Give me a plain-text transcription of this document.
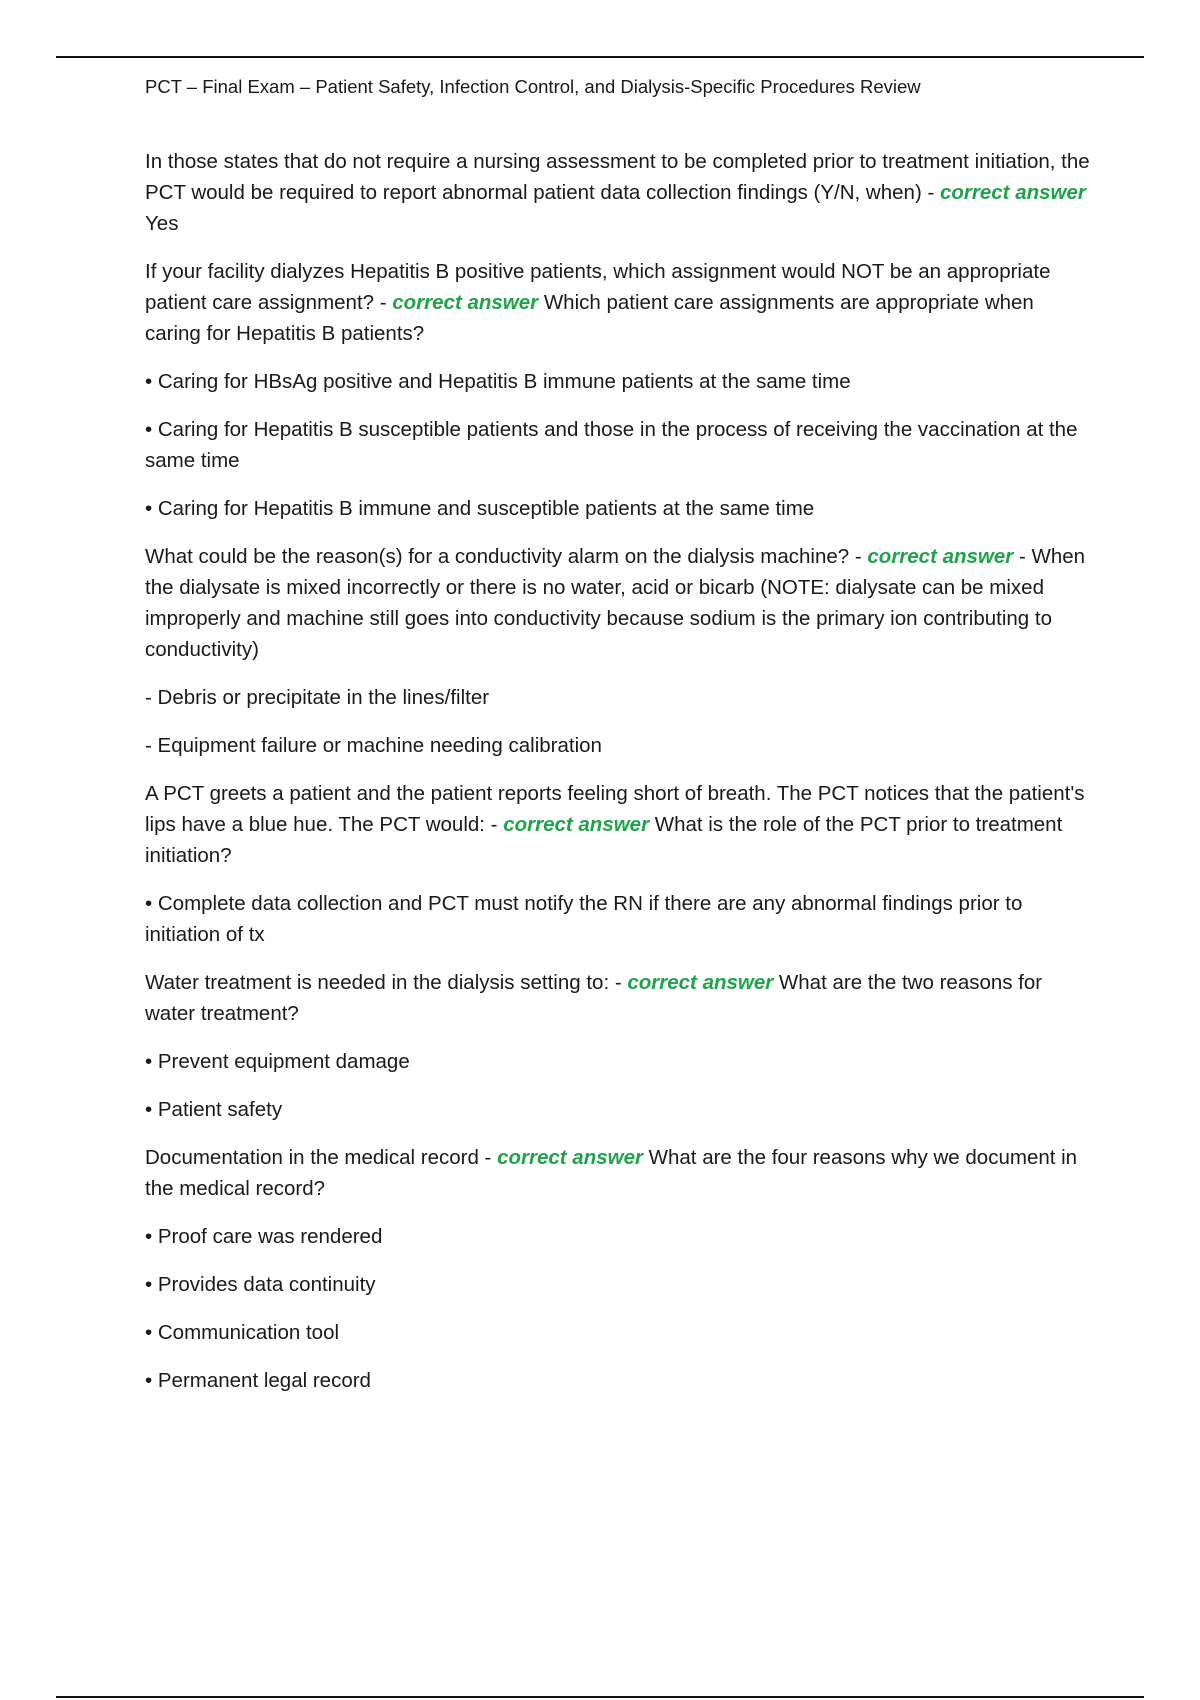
PCT – Final Exam – Patient Safety, Infection Control, and Dialysis-Specific Procedures Review

In those states that do not require a nursing assessment to be completed prior to treatment initiation, the PCT would be required to report abnormal patient data collection findings (Y/N, when) - correct answer Yes

If your facility dialyzes Hepatitis B positive patients, which assignment would NOT be an appropriate patient care assignment? - correct answer Which patient care assignments are appropriate when caring for Hepatitis B patients?

• Caring for HBsAg positive and Hepatitis B immune patients at the same time

• Caring for Hepatitis B susceptible patients and those in the process of receiving the vaccination at the same time

• Caring for Hepatitis B immune and susceptible patients at the same time

What could be the reason(s) for a conductivity alarm on the dialysis machine? - correct answer - When the dialysate is mixed incorrectly or there is no water, acid or bicarb (NOTE: dialysate can be mixed improperly and machine still goes into conductivity because sodium is the primary ion contributing to conductivity)

- Debris or precipitate in the lines/filter

- Equipment failure or machine needing calibration

A PCT greets a patient and the patient reports feeling short of breath. The PCT notices that the patient's lips have a blue hue. The PCT would: - correct answer What is the role of the PCT prior to treatment initiation?

• Complete data collection and PCT must notify the RN if there are any abnormal findings prior to initiation of tx

Water treatment is needed in the dialysis setting to: - correct answer What are the two reasons for water treatment?

• Prevent equipment damage

• Patient safety

Documentation in the medical record - correct answer What are the four reasons why we document in the medical record?

• Proof care was rendered

• Provides data continuity

• Communication tool

• Permanent legal record
